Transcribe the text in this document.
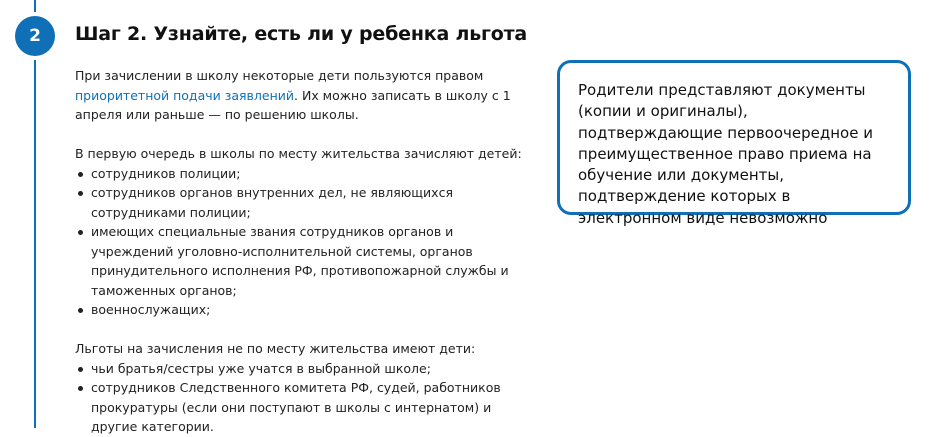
2	Шаг 2. Узнайте, есть ли у ребенка льгота

При зачислении в школу некоторые дети пользуются правом приоритетной подачи заявлений. Их можно записать в школу с 1 апреля или раньше — по решению школы.

В первую очередь в школы по месту жительства зачисляют детей:

сотрудников полиции;
сотрудников органов внутренних дел, не являющихся сотрудниками полиции;
имеющих специальные звания сотрудников органов и учреждений уголовно-исполнительной системы, органов принудительного исполнения РФ, противопожарной службы и таможенных органов;
военнослужащих;

Льготы на зачисления не по месту жительства имеют дети:

чьи братья/сестры уже учатся в выбранной школе;
сотрудников Следственного комитета РФ, судей, работников прокуратуры (если они поступают в школы с интернатом) и другие категории.

Родители представляют документы (копии и оригиналы), подтверждающие первоочередное и преимущественное право приема на обучение или документы, подтверждение которых в электронном виде невозможно
